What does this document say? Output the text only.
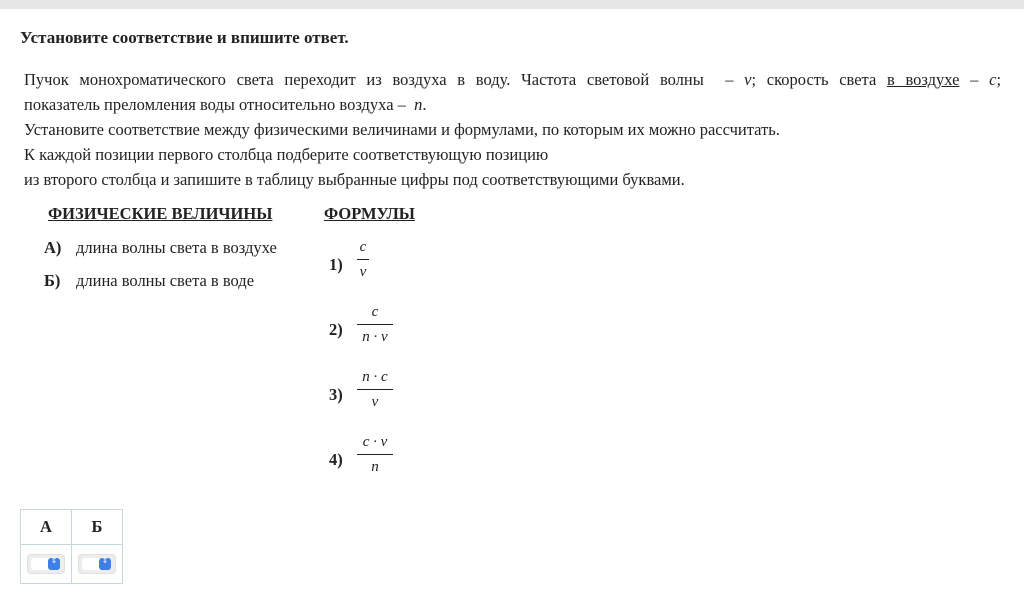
Установите соответствие и впишите ответ.
Пучок монохроматического света переходит из воздуха в воду. Частота световой волны – ν; скорость света в воздухе – c;
показатель преломления воды относительно воздуха – n.
Установите соответствие между физическими величинами и формулами, по которым их можно рассчитать.
К каждой позиции первого столбца подберите соответствующую позицию
из второго столбца и запишите в таблицу выбранные цифры под соответствующими буквами.
ФИЗИЧЕСКИЕ ВЕЛИЧИНЫ	ФОРМУЛЫ
А) длина волны света в воздухе
Б) длина волны света в воде
1)
c
ν
2)
c
n · ν
3)
n · c
ν
4)
c · ν
n
А	Б

⇕	⇕
